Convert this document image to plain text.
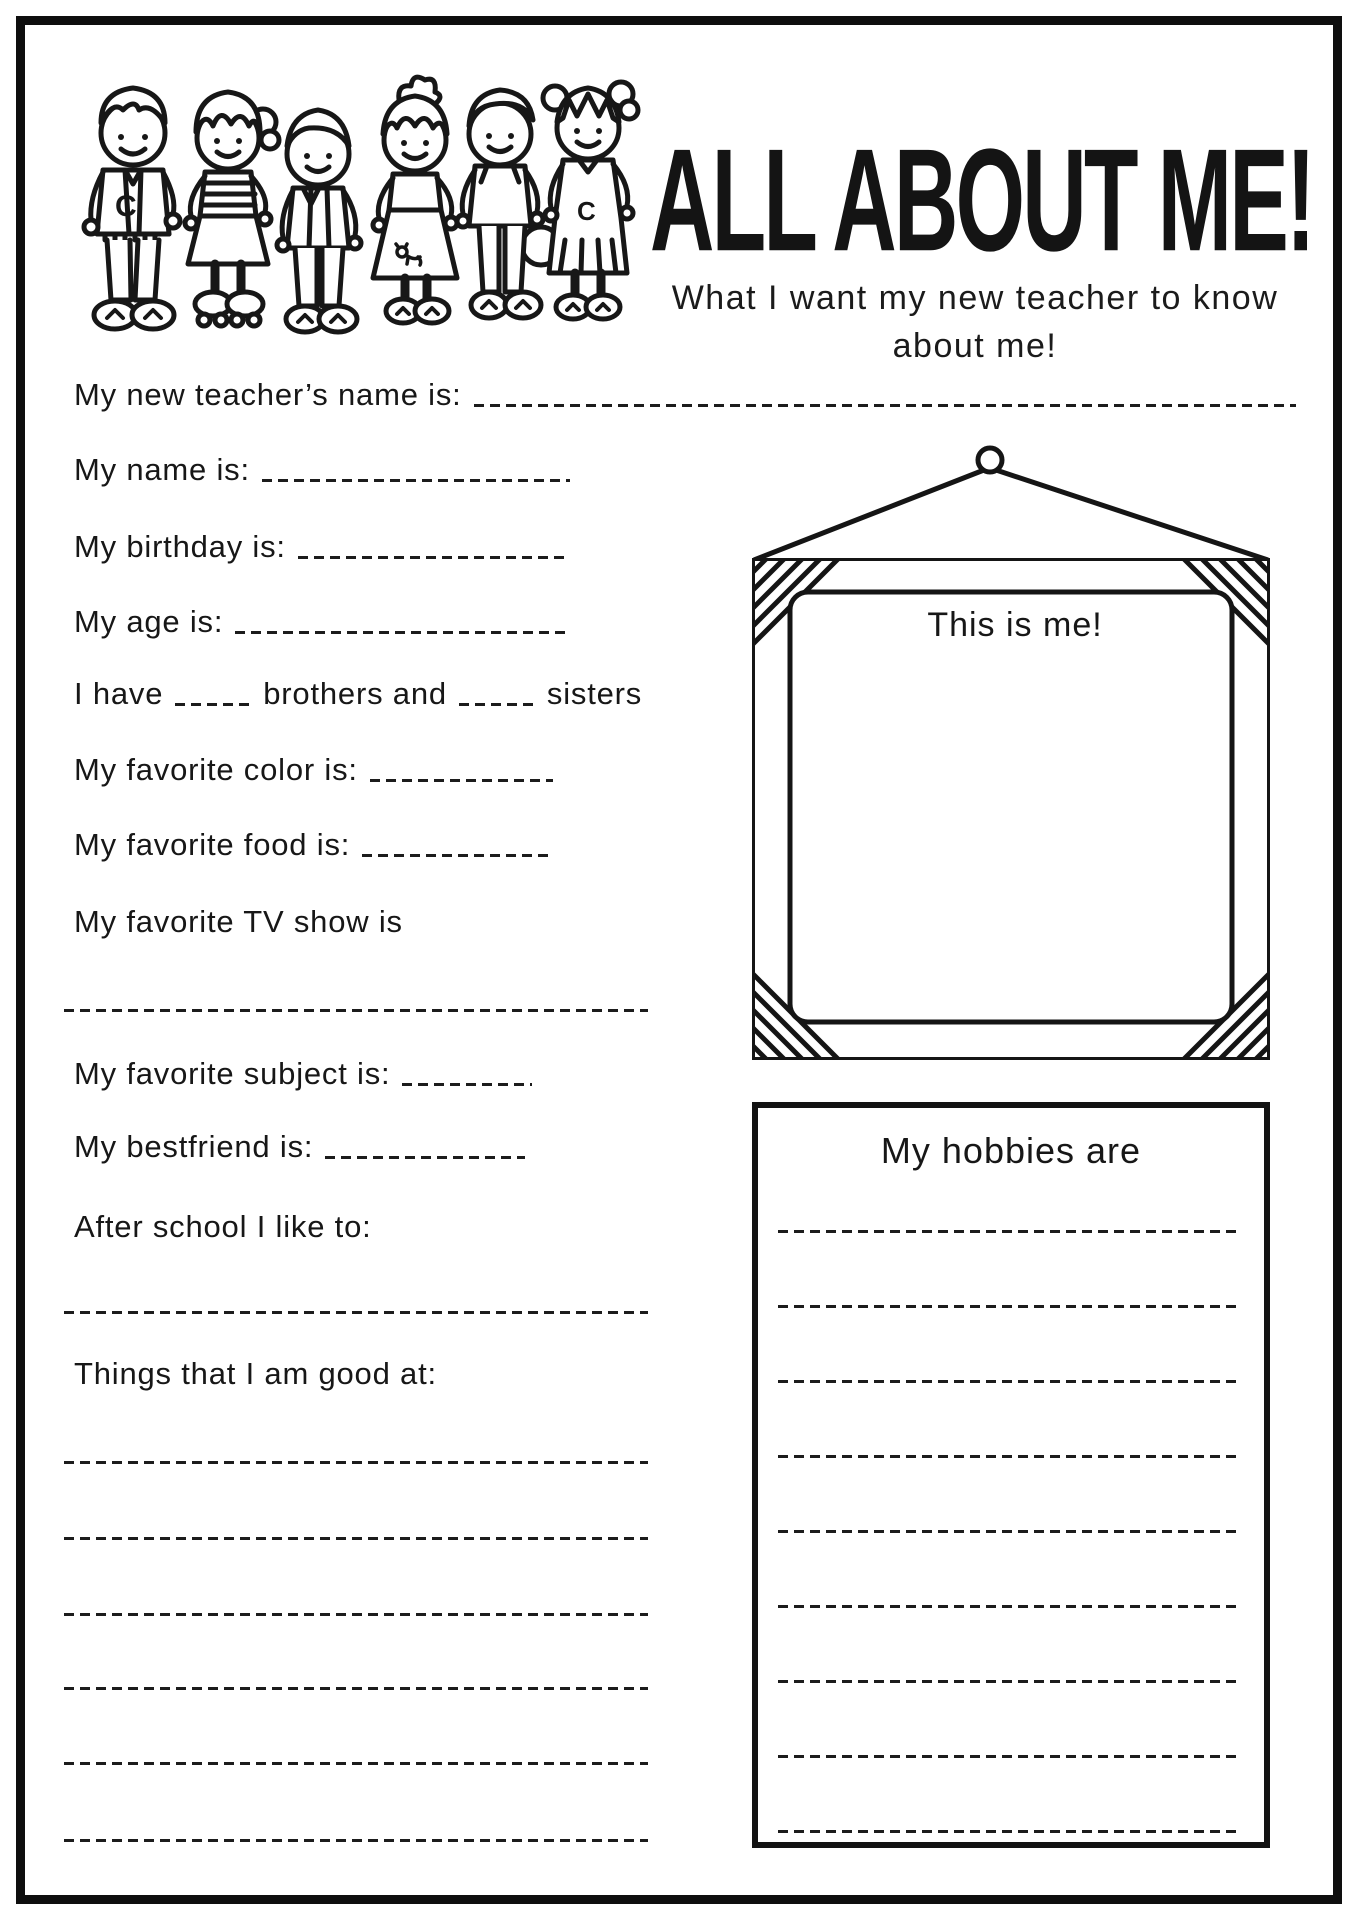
C	C ALL ABOUT ME!
What I want my new teacher to know
about me!
My new teacher’s name is:
My name is:
My birthday is:
My age is:
I have	brothers and	sisters
My favorite color is:
My favorite food is:
My favorite TV show is
My favorite subject is:
My bestfriend is:
After school I like to:
Things that I am good at:
This is me!
My hobbies are
